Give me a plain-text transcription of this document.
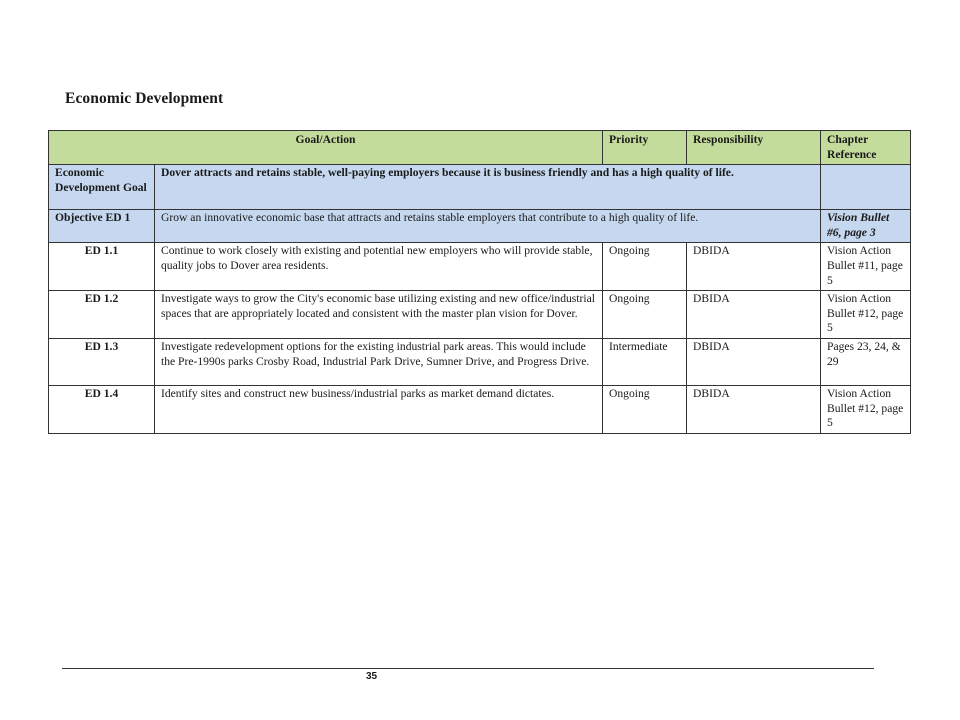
Economic Development
Goal/Action		Priority	Responsibility	Chapter Reference
Economic Development Goal	Dover attracts and retains stable, well-paying employers because it is business friendly and has a high quality of life.			
Objective ED 1	Grow an innovative economic base that attracts and retains stable employers that contribute to a high quality of life.			Vision Bullet #6, page 3
ED 1.1	Continue to work closely with existing and potential new employers who will provide stable, quality jobs to Dover area residents.	Ongoing	DBIDA	Vision Action Bullet #11, page 5
ED 1.2	Investigate ways to grow the City's economic base utilizing existing and new office/industrial spaces that are appropriately located and consistent with the master plan vision for Dover.	Ongoing	DBIDA	Vision Action Bullet #12, page 5
ED 1.3	Investigate redevelopment options for the existing industrial park areas. This would include the Pre-1990s parks Crosby Road, Industrial Park Drive, Sumner Drive, and Progress Drive.	Intermediate	DBIDA	Pages 23, 24, & 29
ED 1.4	Identify sites and construct new business/industrial parks as market demand dictates.	Ongoing	DBIDA	Vision Action Bullet #12, page 5
35
